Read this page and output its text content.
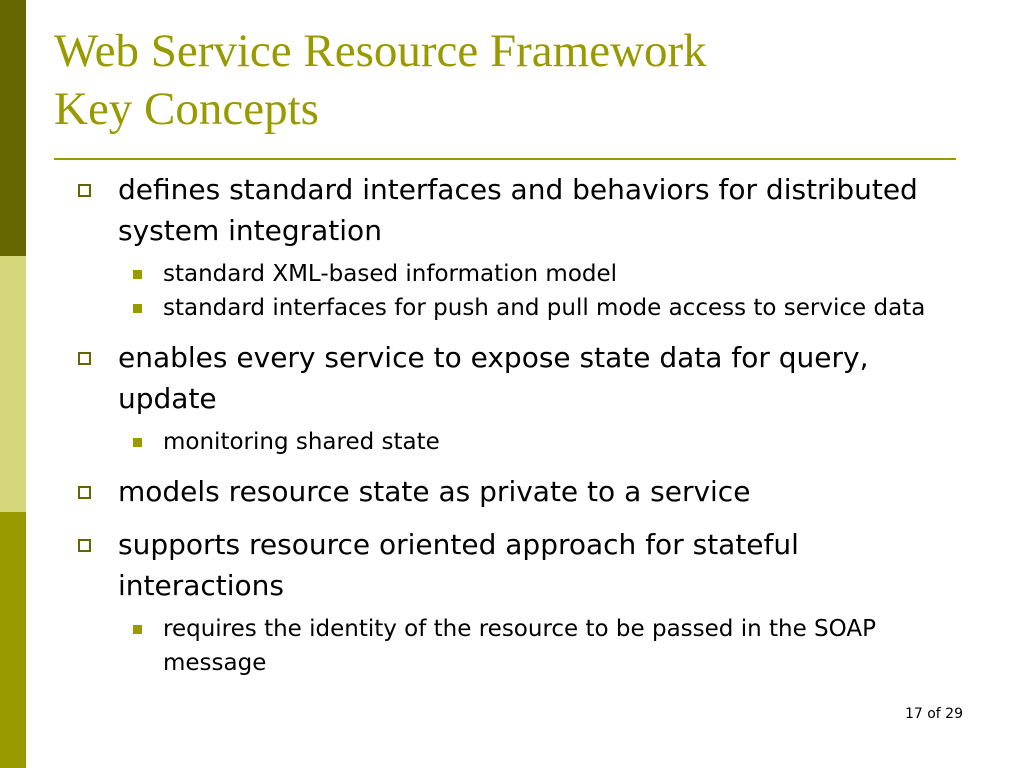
Web Service Resource Framework
Key Concepts
defines standard interfaces and behaviors for distributed system integration
standard XML-based information model
standard interfaces for push and pull mode access to service data
enables every service to expose state data for query, update
monitoring shared state
models resource state as private to a service
supports resource oriented approach for stateful interactions
requires the identity of the resource to be passed in the SOAP message
17 of 29
